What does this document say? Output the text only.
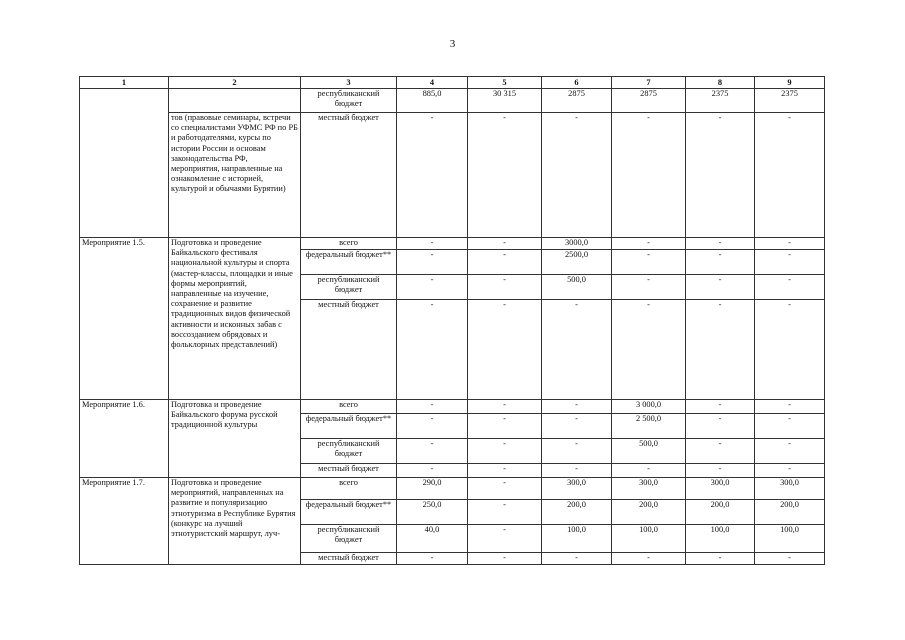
3
1	2	3	4	5	6	7	8	9
		республиканский бюджет	885,0	30 315	2875	2875	2375	2375
	тов (правовые семинары, встречи со специалистами УФМС РФ по РБ и работодателями, курсы по истории России и основам законодательства РФ, мероприятия, направленные на ознакомление с историей, культурой и обычаями Бурятии)	местный бюджет	-	-	-	-	-	-
Мероприятие 1.5.	Подготовка и проведение Байкальского фестиваля национальной культуры и спорта (мастер-классы, площадки и иные формы мероприятий, направленные на изучение, сохранение и развитие традиционных видов физической активности и исконных забав с воссозданием обрядовых и фольклорных представлений)	всего	-	-	3000,0	-	-	-
		федеральный бюджет**	-	-	2500,0	-	-	-
		республиканский бюджет	-	-	500,0	-	-	-
		местный бюджет	-	-	-	-	-	-
Мероприятие 1.6.	Подготовка и проведение Байкальского форума русской традиционной культуры	всего	-	-	-	3 000,0	-	-
		федеральный бюджет**	-	-	-	2 500,0	-	-
		республиканский бюджет	-	-	-	500,0	-	-
		местный бюджет	-	-	-	-	-	-
Мероприятие 1.7.	Подготовка и проведение мероприятий, направленных на развитие и популяризацию этнотуризма в Республике Бурятия (конкурс на лучший этнотуристский маршрут, луч-	всего	290,0	-	300,0	300,0	300,0	300,0
		федеральный бюджет**	250,0	-	200,0	200,0	200,0	200,0
		республиканский бюджет	40,0	-	100,0	100,0	100,0	100,0
		местный бюджет	-	-	-	-	-	-
